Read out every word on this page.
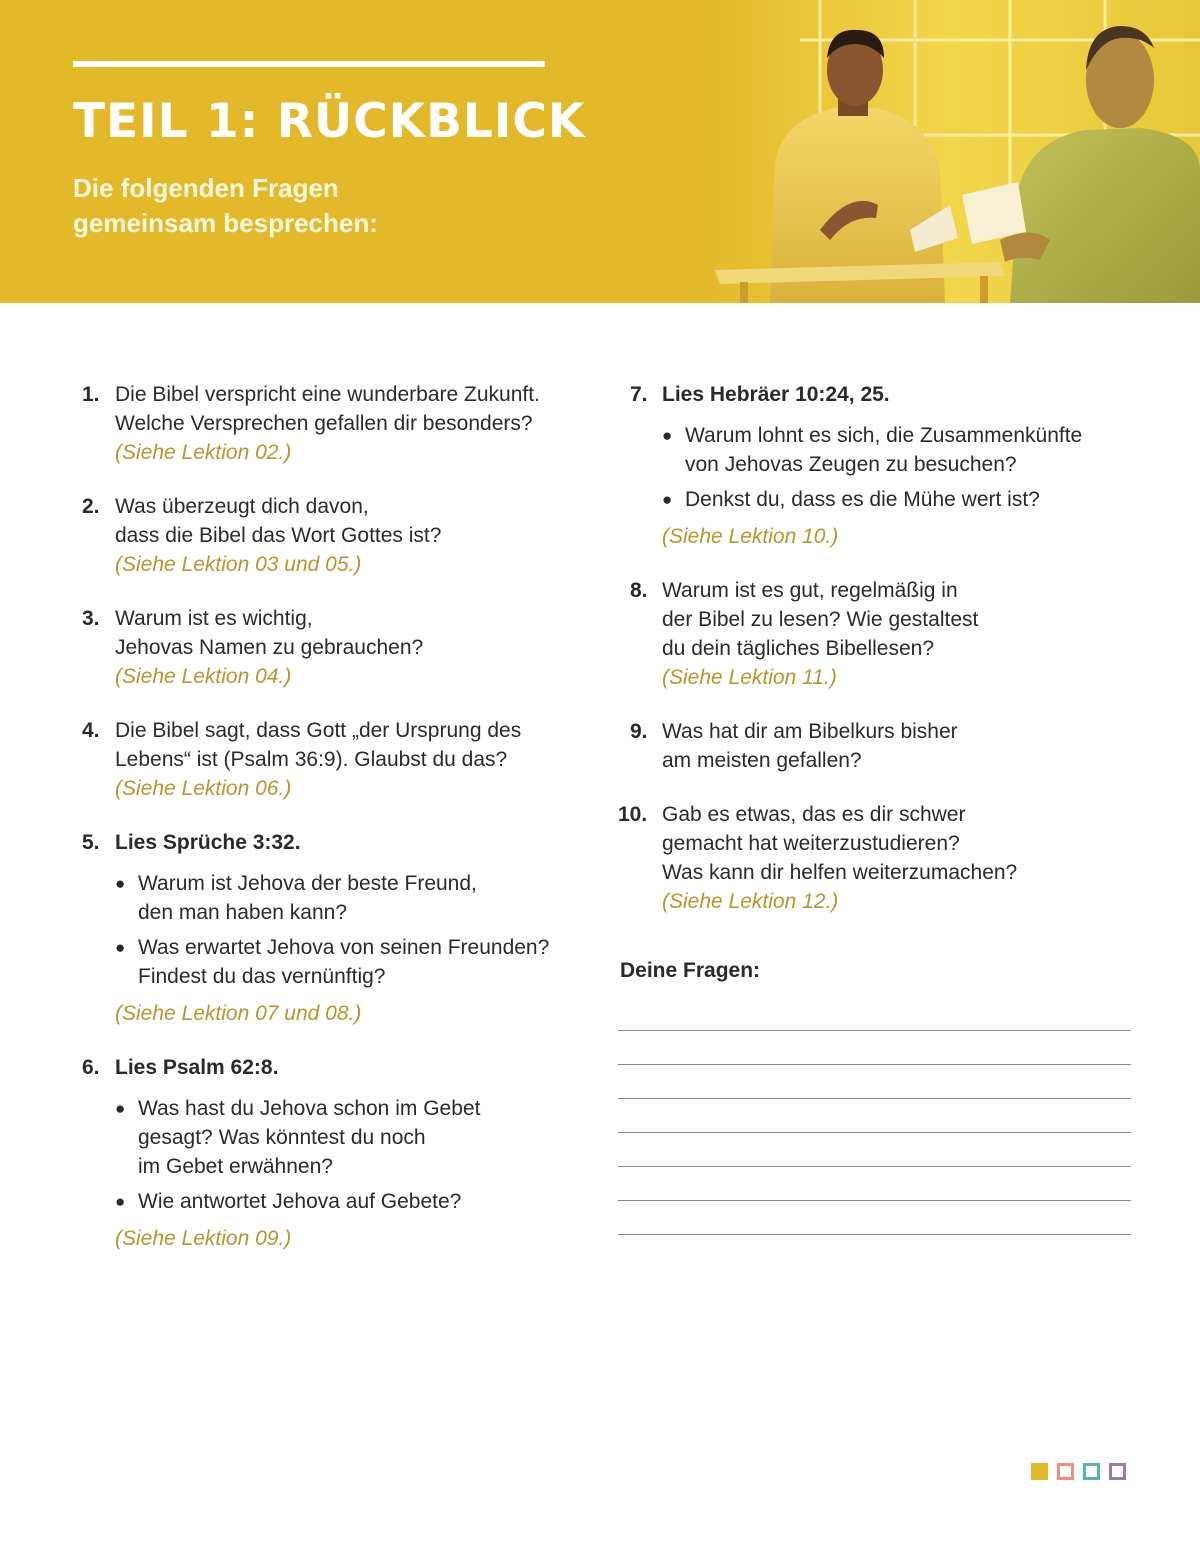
TEIL 1: RÜCKBLICK

Die folgenden Fragen
gemeinsam besprechen:

1. Die Bibel verspricht eine wunderbare Zukunft.
Welche Versprechen gefallen dir besonders?
(Siehe Lektion 02.)
2. Was überzeugt dich davon,
dass die Bibel das Wort Gottes ist?
(Siehe Lektion 03 und 05.)
3. Warum ist es wichtig,
Jehovas Namen zu gebrauchen?
(Siehe Lektion 04.)
4. Die Bibel sagt, dass Gott „der Ursprung des
Lebens“ ist (Psalm 36:9). Glaubst du das?
(Siehe Lektion 06.)
5. Lies Sprüche 3:32.
● Warum ist Jehova der beste Freund,
den man haben kann?
● Was erwartet Jehova von seinen Freunden?
Findest du das vernünftig?
(Siehe Lektion 07 und 08.)
6. Lies Psalm 62:8.
● Was hast du Jehova schon im Gebet
gesagt? Was könntest du noch
im Gebet erwähnen?
● Wie antwortet Jehova auf Gebete?
(Siehe Lektion 09.)
7. Lies Hebräer 10:24, 25.
● Warum lohnt es sich, die Zusammenkünfte
von Jehovas Zeugen zu besuchen?
● Denkst du, dass es die Mühe wert ist?
(Siehe Lektion 10.)
8. Warum ist es gut, regelmäßig in
der Bibel zu lesen? Wie gestaltest
du dein tägliches Bibellesen?
(Siehe Lektion 11.)
9. Was hat dir am Bibelkurs bisher
am meisten gefallen?
10. Gab es etwas, das es dir schwer
gemacht hat weiterzustudieren?
Was kann dir helfen weiterzumachen?
(Siehe Lektion 12.)
Deine Fragen:
